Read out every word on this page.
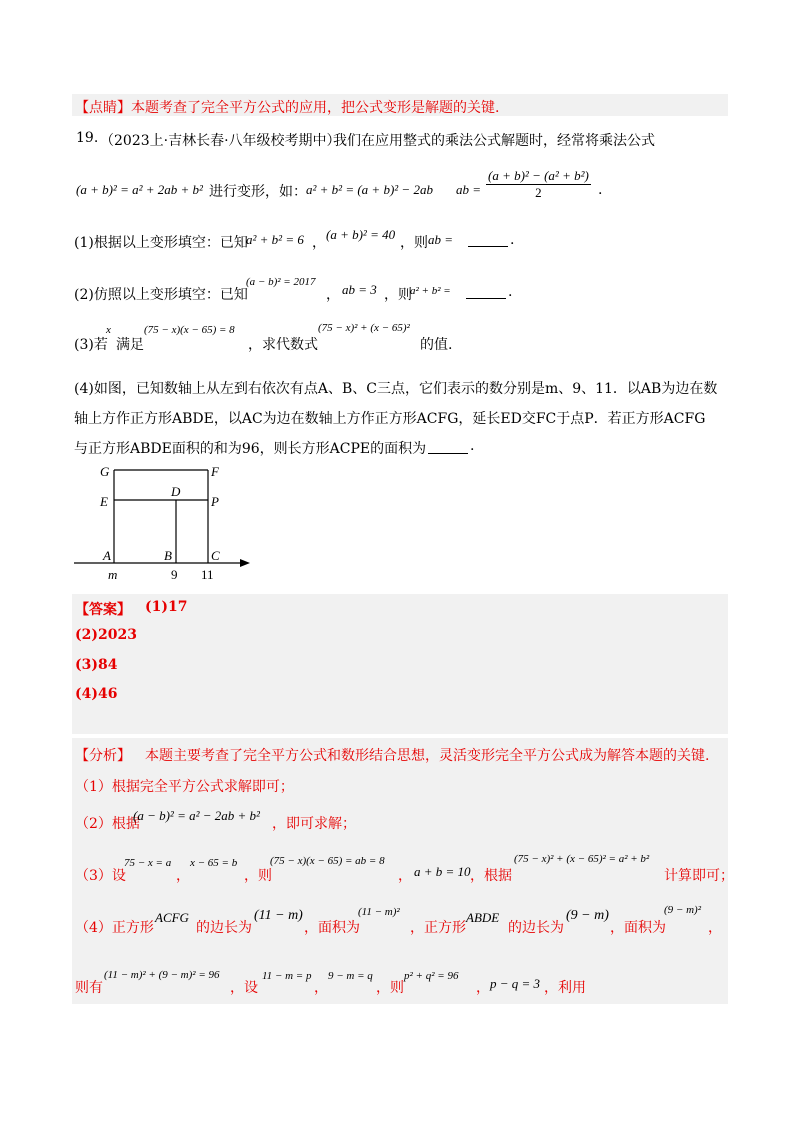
【点睛】本题考查了完全平方公式的应用，把公式变形是解题的关键.
19. （2023上·吉林长春·八年级校考期中）
我们在应用整式的乘法公式解题时，经常将乘法公式
(a + b)² = a² + 2ab + b² 进行变形，如： a² + b² = (a + b)² − 2ab ab = $\frac{\text{(a + b)² − (a² + b²)}}{2}$ .
(1)根据以上变形填空：已知
a² + b² = 6 ，
(a + b)² = 40
，则 ab =	.
(2)仿照以上变形填空：已知
(a − b)² = 2017
， ab = 3 ，则
a² + b² =	.
(3)若
x
满足
(75 − x)(x − 65) = 8
，求代数式
(75 − x)² + (x − 65)²
的值.
(4)如图，已知数轴上从左到右依次有点A、B、C三点，它们表示的数分别是m、9、11．以AB为边在数
轴上方作正方形ABDE，以AC为边在数轴上方作正方形ACFG，延长ED交FC于点P．若正方形ACFG
与正方形ABDE面积的和为96，则长方形ACPE的面积为	.
G	F
E
D
P
A	B	C
m	9 11
【答案】 (1)17
(2)2023
(3)84
(4)46
【分析】 本题主要考查了完全平方公式和数形结合思想，灵活变形完全平方公式成为解答本题的关键.
（1）根据完全平方公式求解即可；
（2）根据
(a − b)² = a² − 2ab + b²
，即可求解；
（3）设
75 − x = a
，
x − 65 = b
，则
(75 − x)(x − 65) = ab = 8
， a + b = 10 ，根据
(75 − x)² + (x − 65)² = a² + b²
计算即可；
（4）正方形
ACFG
的边长为
(11 − m)
，面积为
(11 − m)²
，正方形
ABDE
的边长为
(9 − m)
，面积为
(9 − m)²
，
则有
(11 − m)² + (9 − m)² = 96
，设
11 − m = p
，
9 − m = q
，则
p² + q² = 96
， p − q = 3 ，利用
